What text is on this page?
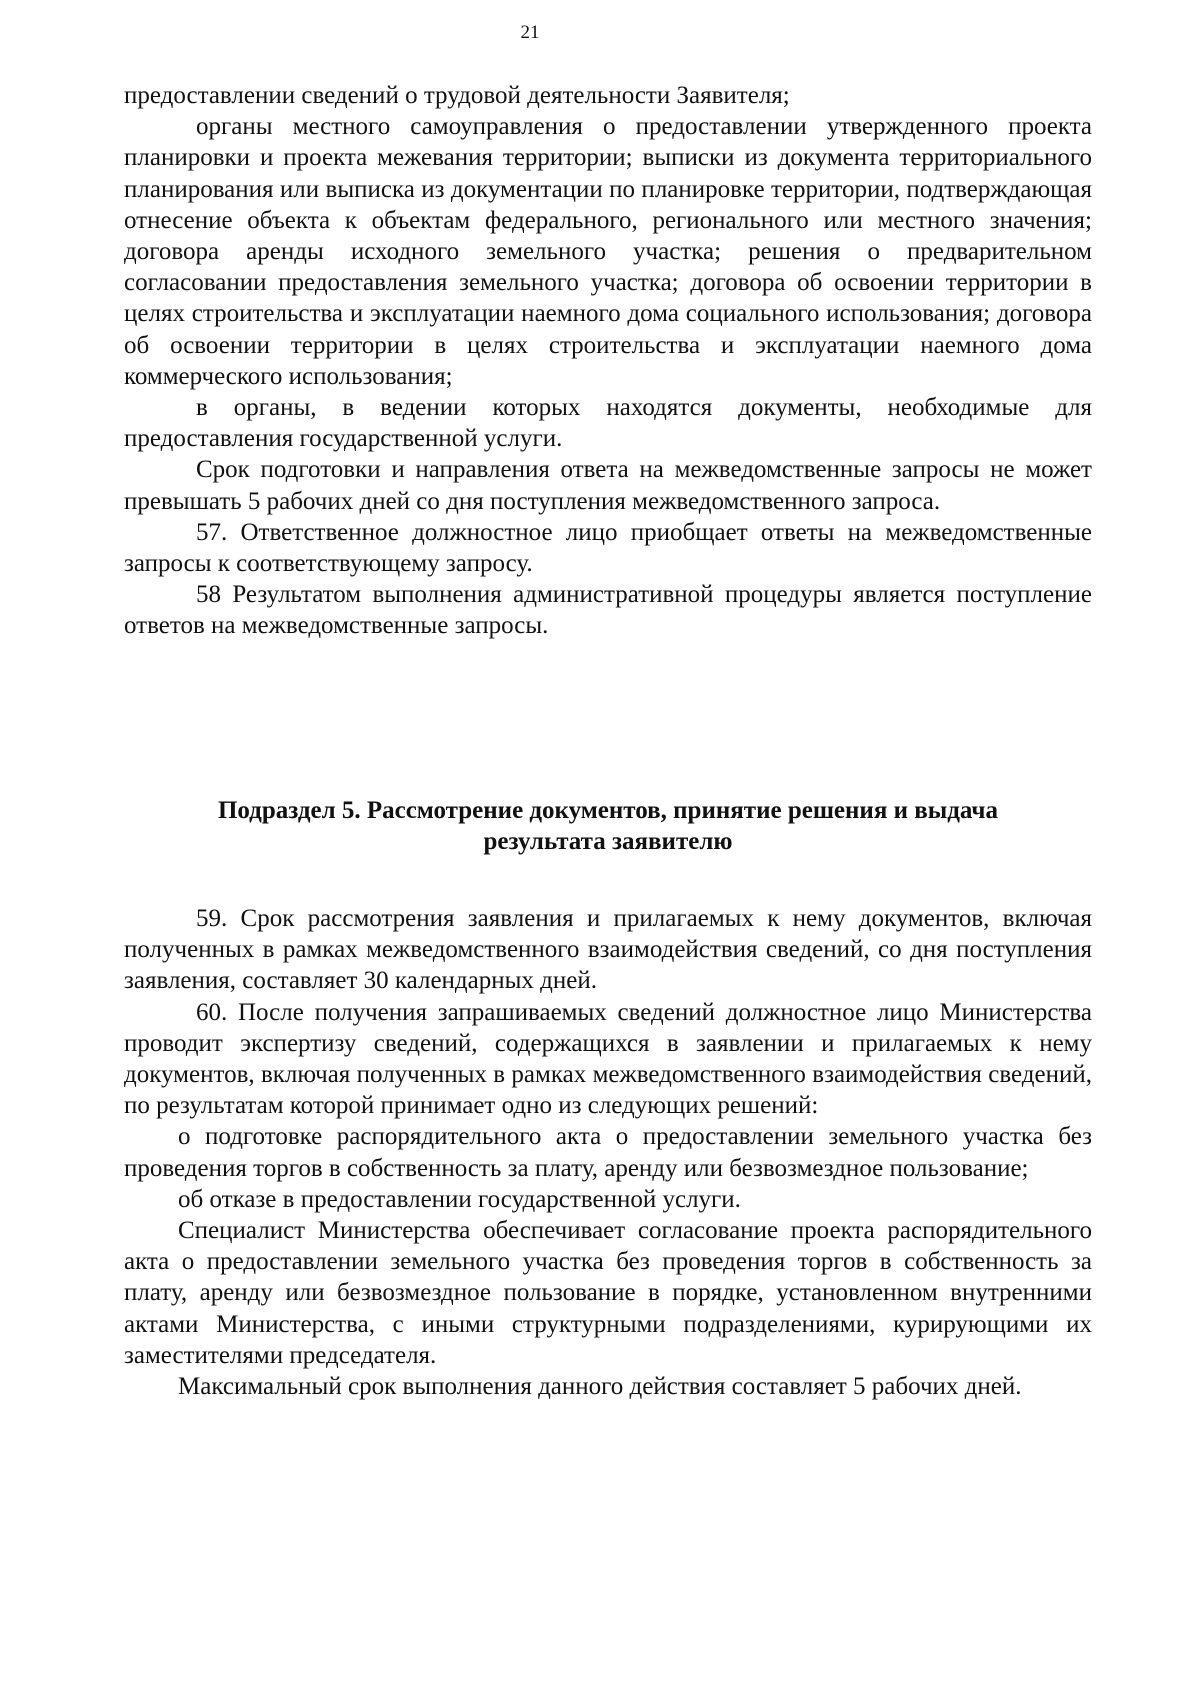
21

предоставлении сведений о трудовой деятельности Заявителя;

органы местного самоуправления о предоставлении утвержденного проекта планировки и проекта межевания территории; выписки из документа территориального планирования или выписка из документации по планировке территории, подтверждающая отнесение объекта к объектам федерального, регионального или местного значения; договора аренды исходного земельного участка; решения о предварительном согласовании предоставления земельного участка; договора об освоении территории в целях строительства и эксплуатации наемного дома социального использования; договора об освоении территории в целях строительства и эксплуатации наемного дома коммерческого использования;

в органы, в ведении которых находятся документы, необходимые для предоставления государственной услуги.

Срок подготовки и направления ответа на межведомственные запросы не может превышать 5 рабочих дней со дня поступления межведомственного запроса.

57. Ответственное должностное лицо приобщает ответы на межведомственные запросы к соответствующему запросу.

58 Результатом выполнения административной процедуры является поступление ответов на межведомственные запросы.

Подраздел 5. Рассмотрение документов, принятие решения и выдача
результата заявителю

59. Срок рассмотрения заявления и прилагаемых к нему документов, включая полученных в рамках межведомственного взаимодействия сведений, со дня поступления заявления, составляет 30 календарных дней.

60. После получения запрашиваемых сведений должностное лицо Министерства проводит экспертизу сведений, содержащихся в заявлении и прилагаемых к нему документов, включая полученных в рамках межведомственного взаимодействия сведений, по результатам которой принимает одно из следующих решений:

о подготовке распорядительного акта о предоставлении земельного участка без проведения торгов в собственность за плату, аренду или безвозмездное пользование;

об отказе в предоставлении государственной услуги.

Специалист Министерства обеспечивает согласование проекта распорядительного акта о предоставлении земельного участка без проведения торгов в собственность за плату, аренду или безвозмездное пользование в порядке, установленном внутренними актами Министерства, с иными структурными подразделениями, курирующими их заместителями председателя.

Максимальный срок выполнения данного действия составляет 5 рабочих дней.
